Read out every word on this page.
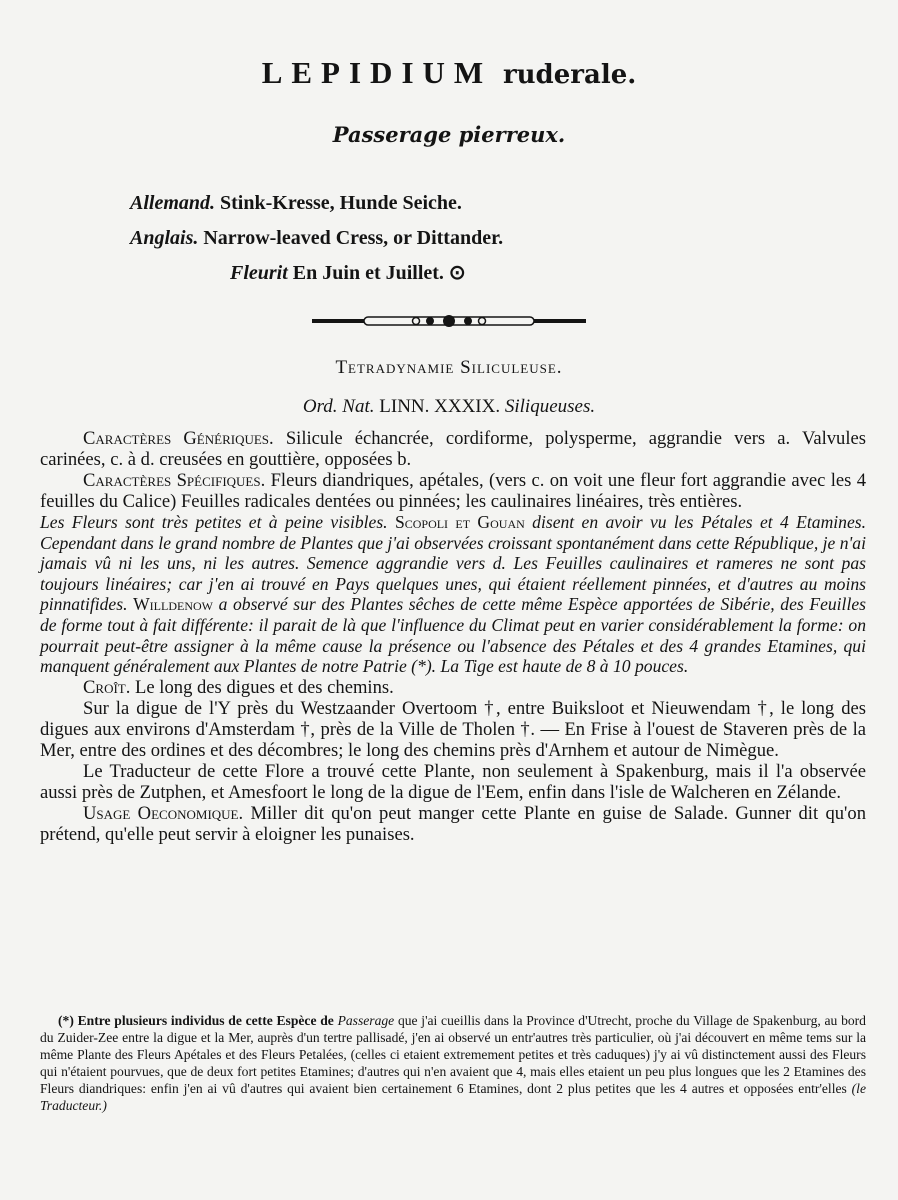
LEPIDIUM ruderale.
Passerage pierreux.
Allemand. Stink-Kresse, Hunde Seiche.
Anglais. Narrow-leaved Cress, or Dittander.
Fleurit En Juin et Juillet. ⊙
Tetradynamie Siliculeuse.
Ord. Nat. LINN. XXXIX. Siliqueuses.

Caractères Génériques. Silicule échancrée, cordiforme, polysperme, aggrandie vers a. Valvules carinées, c. à d. creusées en gouttière, opposées b.

Caractères Spécifiques. Fleurs diandriques, apétales, (vers c. on voit une fleur fort aggrandie avec les 4 feuilles du Calice) Feuilles radicales dentées ou pinnées; les caulinaires linéaires, très entières.

Les Fleurs sont très petites et à peine visibles. Scopoli et Gouan disent en avoir vu les Pétales et 4 Etamines. Cependant dans le grand nombre de Plantes que j'ai observées croissant spontanément dans cette République, je n'ai jamais vû ni les uns, ni les autres. Semence aggrandie vers d. Les Feuilles caulinaires et rameres ne sont pas toujours linéaires; car j'en ai trouvé en Pays quelques unes, qui étaient réellement pinnées, et d'autres au moins pinnatifides. Willdenow a observé sur des Plantes sêches de cette même Espèce apportées de Sibérie, des Feuilles de forme tout à fait différente: il parait de là que l'influence du Climat peut en varier considérablement la forme: on pourrait peut-être assigner à la même cause la présence ou l'absence des Pétales et des 4 grandes Etamines, qui manquent généralement aux Plantes de notre Patrie (*). La Tige est haute de 8 à 10 pouces.

Croît. Le long des digues et des chemins.

Sur la digue de l'Y près du Westzaander Overtoom †, entre Buiksloot et Nieuwendam †, le long des digues aux environs d'Amsterdam †, près de la Ville de Tholen †. — En Frise à l'ouest de Staveren près de la Mer, entre des ordines et des décombres; le long des chemins près d'Arnhem et autour de Nimègue.

Le Traducteur de cette Flore a trouvé cette Plante, non seulement à Spakenburg, mais il l'a observée aussi près de Zutphen, et Amesfoort le long de la digue de l'Eem, enfin dans l'isle de Walcheren en Zélande.

Usage Oeconomique. Miller dit qu'on peut manger cette Plante en guise de Salade. Gunner dit qu'on prétend, qu'elle peut servir à eloigner les punaises.

(*) Entre plusieurs individus de cette Espèce de Passerage que j'ai cueillis dans la Province d'Utrecht, proche du Village de Spakenburg, au bord du Zuider-Zee entre la digue et la Mer, auprès d'un tertre pallisadé, j'en ai observé un entr'autres très particulier, où j'ai découvert en même tems sur la même Plante des Fleurs Apétales et des Fleurs Petalées, (celles ci etaient extremement petites et très caduques) j'y ai vû distinctement aussi des Fleurs qui n'étaient pourvues, que de deux fort petites Etamines; d'autres qui n'en avaient que 4, mais elles etaient un peu plus longues que les 2 Etamines des Fleurs diandriques: enfin j'en ai vû d'autres qui avaient bien certainement 6 Etamines, dont 2 plus petites que les 4 autres et opposées entr'elles (le Traducteur.)
